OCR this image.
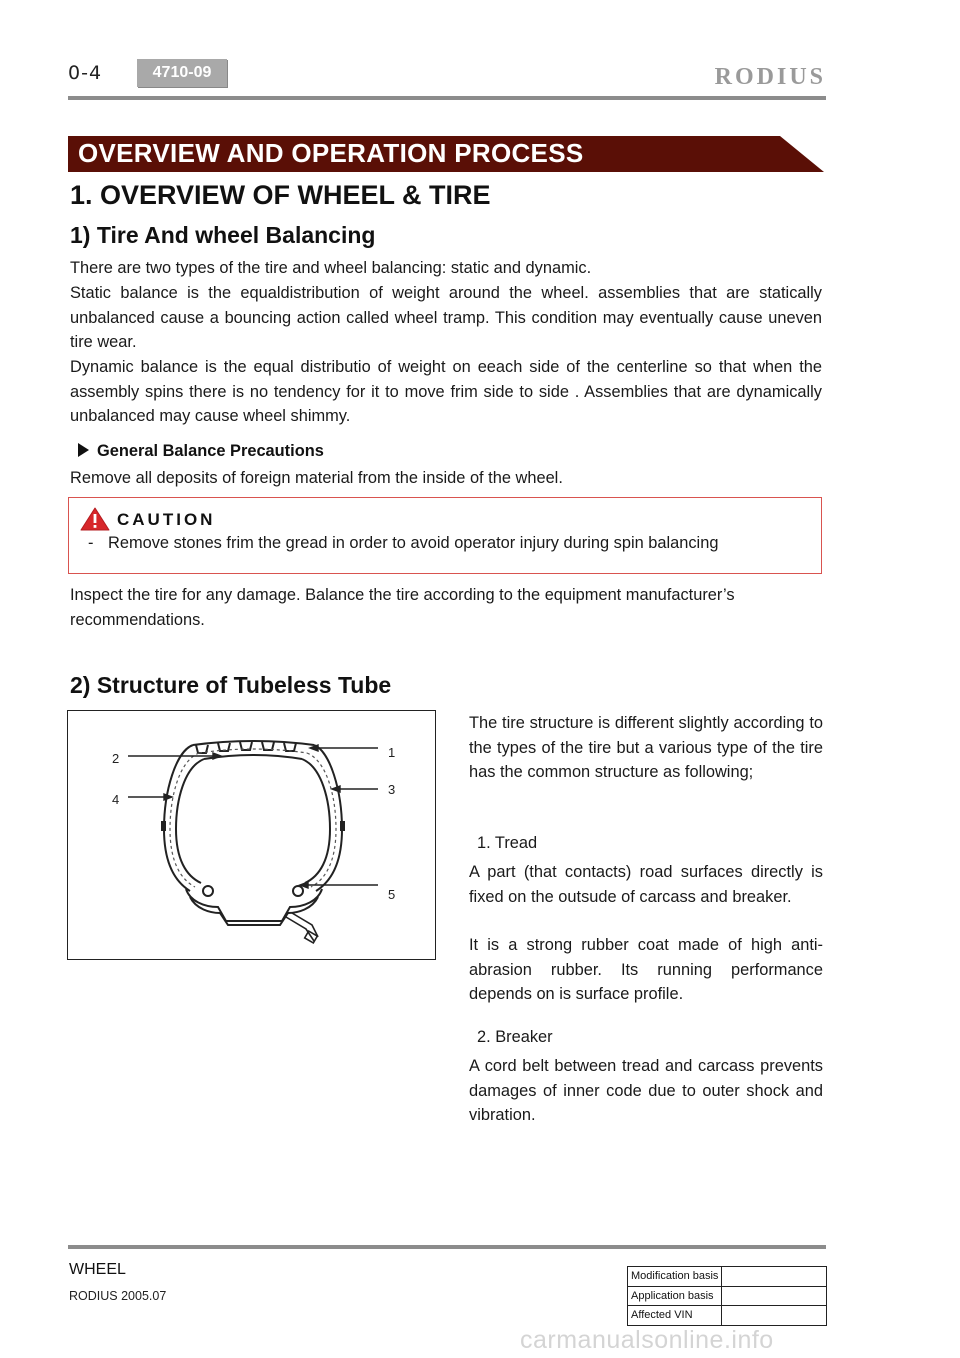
0-4	4710-09	RODIUS
OVERVIEW AND OPERATION PROCESS
1. OVERVIEW OF WHEEL & TIRE
1) Tire And wheel Balancing
There are two types of the tire and wheel balancing: static and dynamic.
Static balance is the equaldistribution of weight around the wheel. assemblies that are statically unbalanced cause a bouncing action called wheel tramp. This condition may eventually cause uneven tire wear.
Dynamic balance is the equal distributio of weight on eeach side of the centerline so that when the assembly spins there is no tendency for it to move frim side to side . Assemblies that are dynamically unbalanced may cause wheel shimmy.
General Balance Precautions
Remove all deposits of foreign material from the inside of the wheel.
CAUTION
- Remove stones frim the gread in order to avoid operator injury during spin balancing
Inspect the tire for any damage. Balance the tire according to the equipment manufacturer’s recommendations.
2) Structure of Tubeless Tube
1
2
3
4
5
The tire structure is different slightly according to the types of the tire but a various type of the tire has the common structure as following;
1. Tread
A part (that contacts) road surfaces directly is fixed on the outsude of carcass and breaker.
It is a strong rubber coat made of high anti-abrasion rubber. Its running performance depends on is surface profile.
2. Breaker
A cord belt between tread and carcass prevents damages of inner code due to outer shock and vibration.
WHEEL
RODIUS 2005.07
Modification basis	
Application basis	
Affected VIN	
carmanualsonline.info
